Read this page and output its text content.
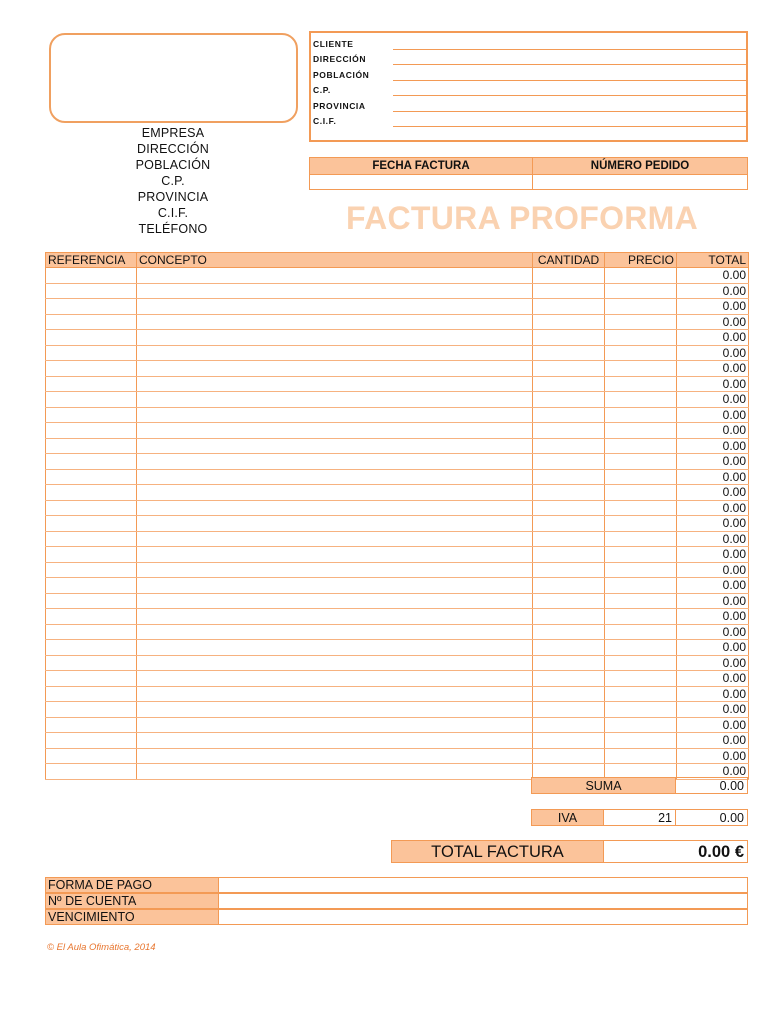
EMPRESA
DIRECCIÓN
POBLACIÓN
C.P.
PROVINCIA
C.I.F.
TELÉFONO
CLIENTE
DIRECCIÓN
POBLACIÓN
C.P.
PROVINCIA
C.I.F.
FECHA FACTURA	NÚMERO PEDIDO
FACTURA PROFORMA
REFERENCIA	CONCEPTO	CANTIDAD	PRECIO	TOTAL
				0.00
				0.00
				0.00
				0.00
				0.00
				0.00
				0.00
				0.00
				0.00
				0.00
				0.00
				0.00
				0.00
				0.00
				0.00
				0.00
				0.00
				0.00
				0.00
				0.00
				0.00
				0.00
				0.00
				0.00
				0.00
				0.00
				0.00
				0.00
				0.00
				0.00
				0.00
				0.00
				0.00
SUMA	0.00
IVA	21	0.00
TOTAL FACTURA	0.00 €
FORMA DE PAGO
Nº DE CUENTA
VENCIMIENTO
© El Aula Ofimática, 2014
